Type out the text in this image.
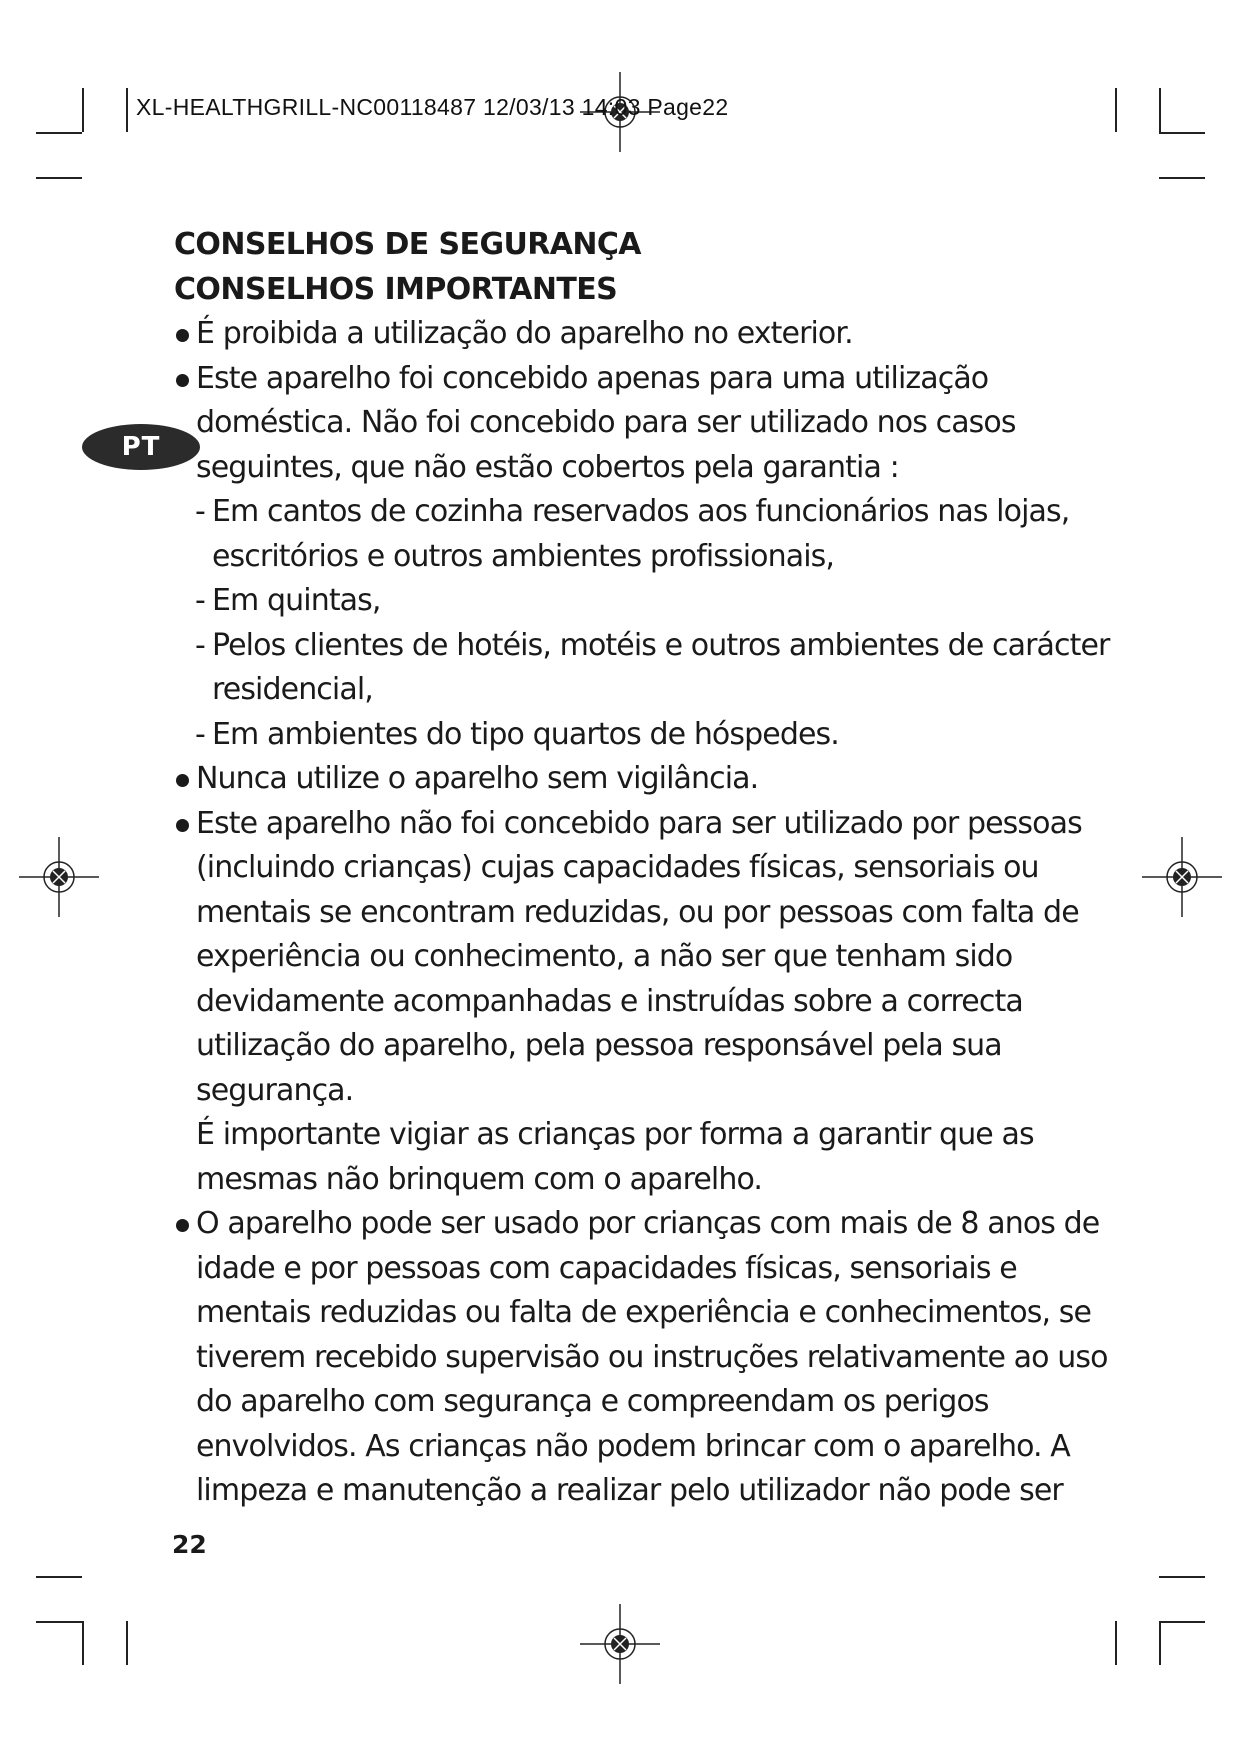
XL-HEALTHGRILL-NC00118487 12/03/13 14:03 Page22
PT
CONSELHOS DE SEGURANÇA
CONSELHOS IMPORTANTES
É proibida a utilização do aparelho no exterior.
Este aparelho foi concebido apenas para uma utilização doméstica. Não foi concebido para ser utilizado nos casos seguintes, que não estão cobertos pela garantia :
- Em cantos de cozinha reservados aos funcionários nas lojas, escritórios e outros ambientes profissionais,
- Em quintas,
- Pelos clientes de hotéis, motéis e outros ambientes de carácter residencial,
- Em ambientes do tipo quartos de hóspedes.
Nunca utilize o aparelho sem vigilância.
Este aparelho não foi concebido para ser utilizado por pessoas (incluindo crianças) cujas capacidades físicas, sensoriais ou mentais se encontram reduzidas, ou por pessoas com falta de experiência ou conhecimento, a não ser que tenham sido devidamente acompanhadas e instruídas sobre a correcta utilização do aparelho, pela pessoa responsável pela sua segurança.
É importante vigiar as crianças por forma a garantir que as mesmas não brinquem com o aparelho.
O aparelho pode ser usado por crianças com mais de 8 anos de idade e por pessoas com capacidades físicas, sensoriais e mentais reduzidas ou falta de experiência e conhecimentos, se tiverem recebido supervisão ou instruções relativamente ao uso do aparelho com segurança e compreendam os perigos envolvidos. As crianças não podem brincar com o aparelho. A limpeza e manutenção a realizar pelo utilizador não pode ser
22
